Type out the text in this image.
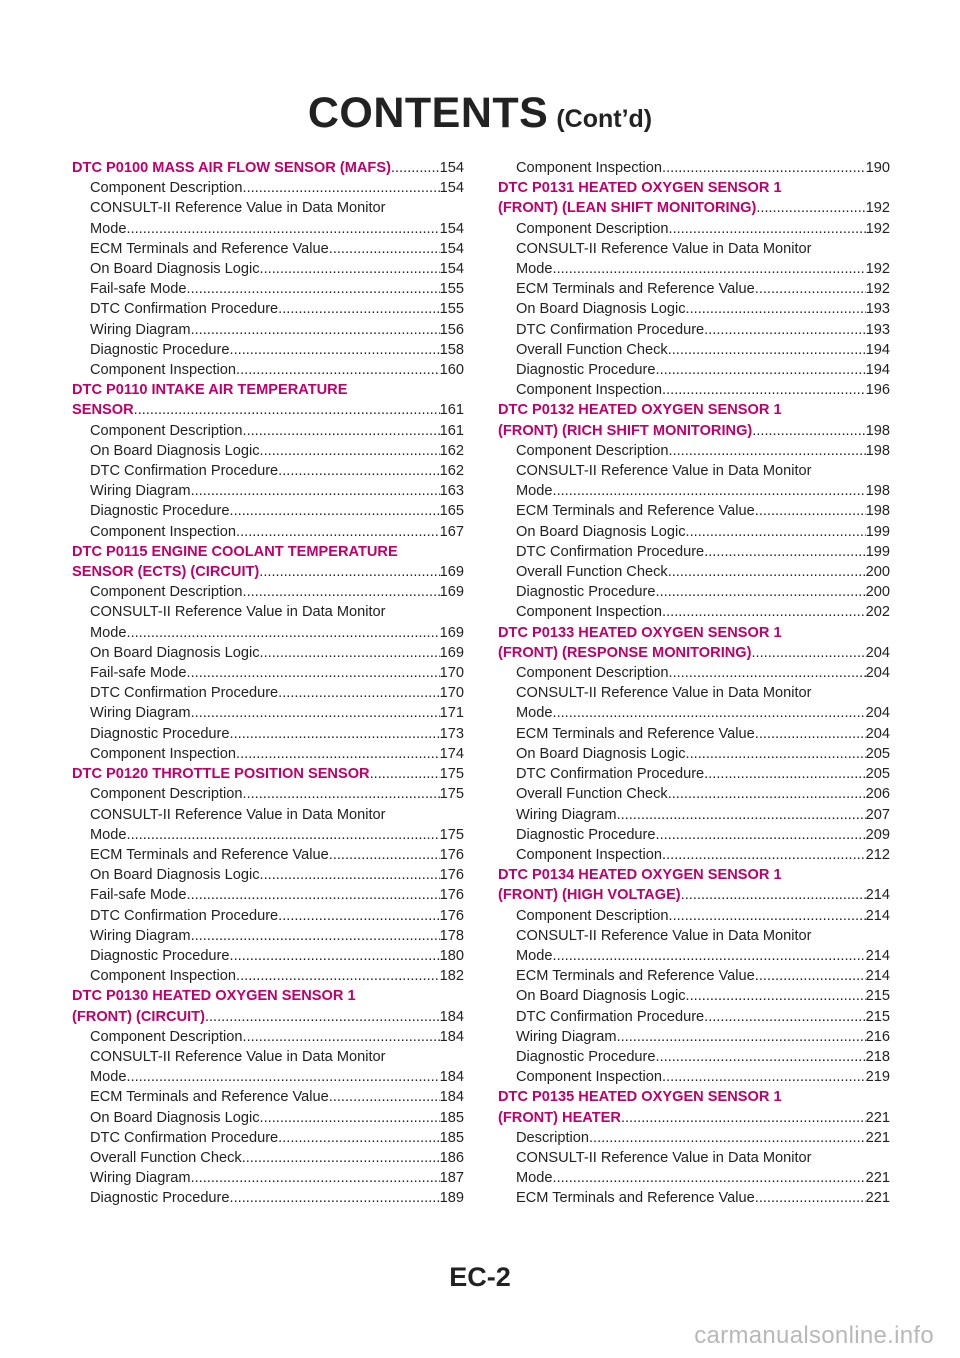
CONTENTS (Cont’d)
DTC P0100 MASS AIR FLOW SENSOR (MAFS) .....	154
Component Description .....	154
CONSULT-II Reference Value in Data Monitor
Mode .....	154
ECM Terminals and Reference Value .....	154
On Board Diagnosis Logic .....	154
Fail-safe Mode .....	155
DTC Confirmation Procedure .....	155
Wiring Diagram .....	156
Diagnostic Procedure .....	158
Component Inspection .....	160
DTC P0110 INTAKE AIR TEMPERATURE
SENSOR .....	161
Component Description .....	161
On Board Diagnosis Logic .....	162
DTC Confirmation Procedure .....	162
Wiring Diagram .....	163
Diagnostic Procedure .....	165
Component Inspection .....	167
DTC P0115 ENGINE COOLANT TEMPERATURE
SENSOR (ECTS) (CIRCUIT) .....	169
Component Description .....	169
CONSULT-II Reference Value in Data Monitor
Mode .....	169
On Board Diagnosis Logic .....	169
Fail-safe Mode .....	170
DTC Confirmation Procedure .....	170
Wiring Diagram .....	171
Diagnostic Procedure .....	173
Component Inspection .....	174
DTC P0120 THROTTLE POSITION SENSOR .....	175
Component Description .....	175
CONSULT-II Reference Value in Data Monitor
Mode .....	175
ECM Terminals and Reference Value .....	176
On Board Diagnosis Logic .....	176
Fail-safe Mode .....	176
DTC Confirmation Procedure .....	176
Wiring Diagram .....	178
Diagnostic Procedure .....	180
Component Inspection .....	182
DTC P0130 HEATED OXYGEN SENSOR 1
(FRONT) (CIRCUIT) .....	184
Component Description .....	184
CONSULT-II Reference Value in Data Monitor
Mode .....	184
ECM Terminals and Reference Value .....	184
On Board Diagnosis Logic .....	185
DTC Confirmation Procedure .....	185
Overall Function Check .....	186
Wiring Diagram .....	187
Diagnostic Procedure .....	189
Component Inspection .....	190
DTC P0131 HEATED OXYGEN SENSOR 1
(FRONT) (LEAN SHIFT MONITORING) .....	192
Component Description .....	192
CONSULT-II Reference Value in Data Monitor
Mode .....	192
ECM Terminals and Reference Value .....	192
On Board Diagnosis Logic .....	193
DTC Confirmation Procedure .....	193
Overall Function Check .....	194
Diagnostic Procedure .....	194
Component Inspection .....	196
DTC P0132 HEATED OXYGEN SENSOR 1
(FRONT) (RICH SHIFT MONITORING) .....	198
Component Description .....	198
CONSULT-II Reference Value in Data Monitor
Mode .....	198
ECM Terminals and Reference Value .....	198
On Board Diagnosis Logic .....	199
DTC Confirmation Procedure .....	199
Overall Function Check .....	200
Diagnostic Procedure .....	200
Component Inspection .....	202
DTC P0133 HEATED OXYGEN SENSOR 1
(FRONT) (RESPONSE MONITORING) .....	204
Component Description .....	204
CONSULT-II Reference Value in Data Monitor
Mode .....	204
ECM Terminals and Reference Value .....	204
On Board Diagnosis Logic .....	205
DTC Confirmation Procedure .....	205
Overall Function Check .....	206
Wiring Diagram .....	207
Diagnostic Procedure .....	209
Component Inspection .....	212
DTC P0134 HEATED OXYGEN SENSOR 1
(FRONT) (HIGH VOLTAGE) .....	214
Component Description .....	214
CONSULT-II Reference Value in Data Monitor
Mode .....	214
ECM Terminals and Reference Value .....	214
On Board Diagnosis Logic .....	215
DTC Confirmation Procedure .....	215
Wiring Diagram .....	216
Diagnostic Procedure .....	218
Component Inspection .....	219
DTC P0135 HEATED OXYGEN SENSOR 1
(FRONT) HEATER .....	221
Description .....	221
CONSULT-II Reference Value in Data Monitor
Mode .....	221
ECM Terminals and Reference Value .....	221
EC-2
carmanualsonline.info
